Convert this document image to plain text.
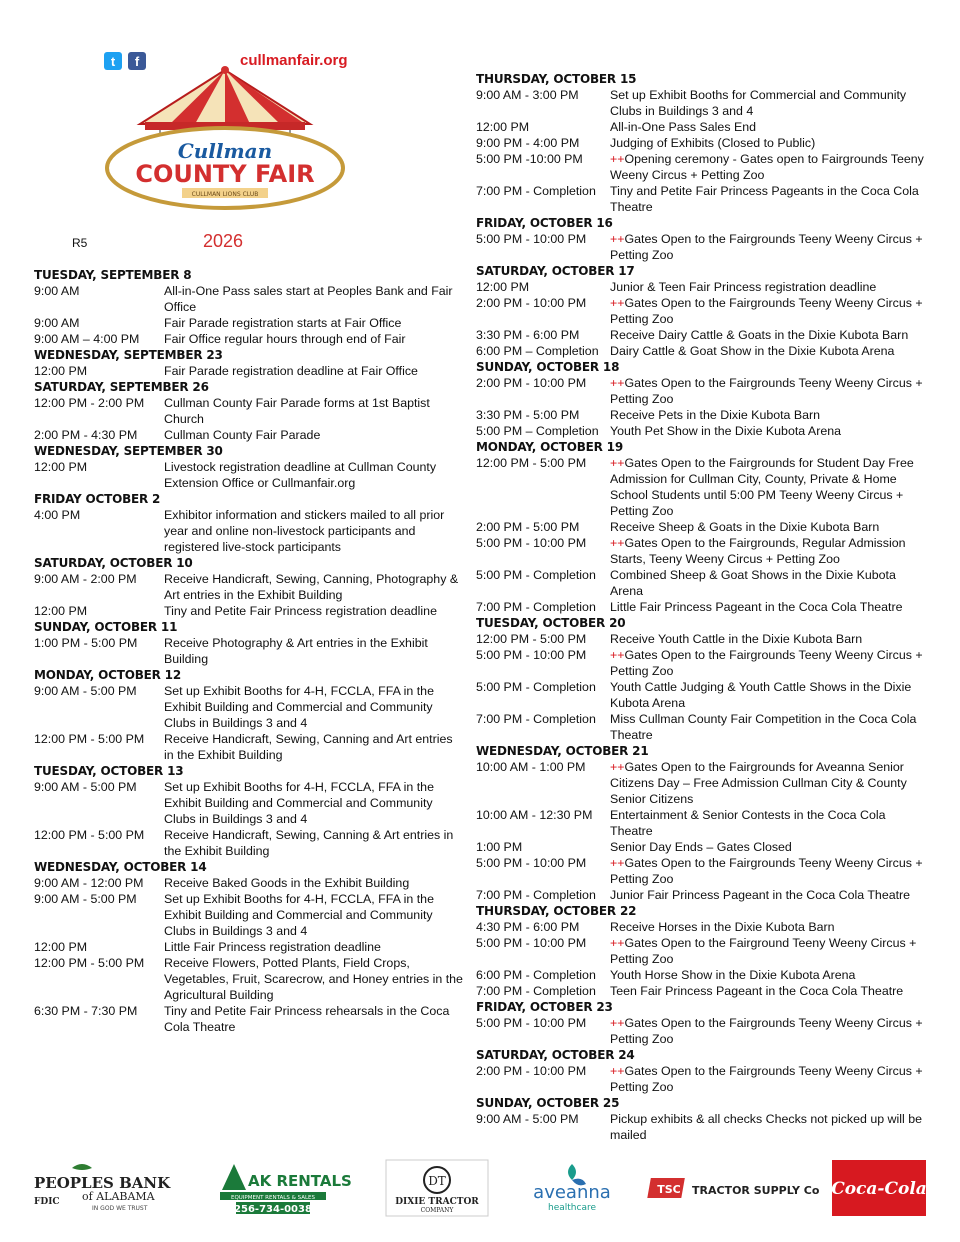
t	f	cullmanfair.org
Cullman
COUNTY FAIR
CULLMAN LIONS CLUB
R5	2026
TUESDAY, SEPTEMBER 8
9:00 AM	All-in-One Pass sales start at Peoples Bank and Fair Office
9:00 AM	Fair Parade registration starts at Fair Office
9:00 AM – 4:00 PM	Fair Office regular hours through end of Fair
WEDNESDAY, SEPTEMBER 23
12:00 PM	Fair Parade registration deadline at Fair Office
SATURDAY, SEPTEMBER 26
12:00 PM - 2:00 PM	Cullman County Fair Parade forms at 1st Baptist Church
2:00 PM - 4:30 PM	Cullman County Fair Parade
WEDNESDAY, SEPTEMBER 30
12:00 PM	Livestock registration deadline at Cullman County Extension Office or Cullmanfair.org
FRIDAY OCTOBER 2
4:00 PM	Exhibitor information and stickers mailed to all prior year and online non-livestock participants and registered live-stock participants
SATURDAY, OCTOBER 10
9:00 AM - 2:00 PM	Receive Handicraft, Sewing, Canning, Photography & Art entries in the Exhibit Building
12:00 PM	Tiny and Petite Fair Princess registration deadline
SUNDAY, OCTOBER 11
1:00 PM - 5:00 PM	Receive Photography & Art entries in the Exhibit Building
MONDAY, OCTOBER 12
9:00 AM - 5:00 PM	Set up Exhibit Booths for 4-H, FCCLA, FFA in the Exhibit Building and Commercial and Community Clubs in Buildings 3 and 4
12:00 PM - 5:00 PM	Receive Handicraft, Sewing, Canning and Art entries in the Exhibit Building
TUESDAY, OCTOBER 13
9:00 AM - 5:00 PM	Set up Exhibit Booths for 4-H, FCCLA, FFA in the Exhibit Building and Commercial and Community Clubs in Buildings 3 and 4
12:00 PM - 5:00 PM	Receive Handicraft, Sewing, Canning & Art entries in the Exhibit Building
WEDNESDAY, OCTOBER 14
9:00 AM - 12:00 PM	Receive Baked Goods in the Exhibit Building
9:00 AM - 5:00 PM	Set up Exhibit Booths for 4-H, FCCLA, FFA in the Exhibit Building and Commercial and Community Clubs in Buildings 3 and 4
12:00 PM	Little Fair Princess registration deadline
12:00 PM - 5:00 PM	Receive Flowers, Potted Plants, Field Crops, Vegetables, Fruit, Scarecrow, and Honey entries in the Agricultural Building
6:30 PM - 7:30 PM	Tiny and Petite Fair Princess rehearsals in the Coca Cola Theatre
THURSDAY, OCTOBER 15
9:00 AM - 3:00 PM	Set up Exhibit Booths for Commercial and Community Clubs in Buildings 3 and 4
12:00 PM	All-in-One Pass Sales End
9:00 PM - 4:00 PM	Judging of Exhibits (Closed to Public)
5:00 PM -10:00 PM	++Opening ceremony - Gates open to Fairgrounds Teeny Weeny Circus + Petting Zoo
7:00 PM - Completion	Tiny and Petite Fair Princess Pageants in the Coca Cola Theatre
FRIDAY, OCTOBER 16
5:00 PM - 10:00 PM	++Gates Open to the Fairgrounds Teeny Weeny Circus + Petting Zoo
SATURDAY, OCTOBER 17
12:00 PM	Junior & Teen Fair Princess registration deadline
2:00 PM - 10:00 PM	++Gates Open to the Fairgrounds Teeny Weeny Circus + Petting Zoo
3:30 PM - 6:00 PM	Receive Dairy Cattle & Goats in the Dixie Kubota Barn
6:00 PM – Completion Dairy Cattle & Goat Show in the Dixie Kubota Arena
SUNDAY, OCTOBER 18
2:00 PM - 10:00 PM	++Gates Open to the Fairgrounds Teeny Weeny Circus + Petting Zoo
3:30 PM - 5:00 PM	Receive Pets in the Dixie Kubota Barn
5:00 PM – Completion Youth Pet Show in the Dixie Kubota Arena
MONDAY, OCTOBER 19
12:00 PM - 5:00 PM	++Gates Open to the Fairgrounds for Student Day Free Admission for Cullman City, County, Private & Home School Students until 5:00 PM Teeny Weeny Circus + Petting Zoo
2:00 PM - 5:00 PM	Receive Sheep & Goats in the Dixie Kubota Barn
5:00 PM - 10:00 PM	++Gates Open to the Fairgrounds, Regular Admission Starts, Teeny Weeny Circus + Petting Zoo
5:00 PM - Completion	Combined Sheep & Goat Shows in the Dixie Kubota Arena
7:00 PM - Completion	Little Fair Princess Pageant in the Coca Cola Theatre
TUESDAY, OCTOBER 20
12:00 PM - 5:00 PM	Receive Youth Cattle in the Dixie Kubota Barn
5:00 PM - 10:00 PM	++Gates Open to the Fairgrounds Teeny Weeny Circus + Petting Zoo
5:00 PM - Completion	Youth Cattle Judging & Youth Cattle Shows in the Dixie Kubota Arena
7:00 PM - Completion	Miss Cullman County Fair Competition in the Coca Cola Theatre
WEDNESDAY, OCTOBER 21
10:00 AM - 1:00 PM	++Gates Open to the Fairgrounds for Aveanna Senior Citizens Day – Free Admission Cullman City & County Senior Citizens
10:00 AM - 12:30 PM	Entertainment & Senior Contests in the Coca Cola Theatre
1:00 PM	Senior Day Ends – Gates Closed
5:00 PM - 10:00 PM	++Gates Open to the Fairgrounds Teeny Weeny Circus + Petting Zoo
7:00 PM - Completion	Junior Fair Princess Pageant in the Coca Cola Theatre
THURSDAY, OCTOBER 22
4:30 PM - 6:00 PM	Receive Horses in the Dixie Kubota Barn
5:00 PM - 10:00 PM	++Gates Open to the Fairground Teeny Weeny Circus + Petting Zoo
6:00 PM - Completion	Youth Horse Show in the Dixie Kubota Arena
7:00 PM - Completion	Teen Fair Princess Pageant in the Coca Cola Theatre
FRIDAY, OCTOBER 23
5:00 PM - 10:00 PM	++Gates Open to the Fairgrounds Teeny Weeny Circus + Petting Zoo
SATURDAY, OCTOBER 24
2:00 PM - 10:00 PM	++Gates Open to the Fairgrounds Teeny Weeny Circus + Petting Zoo
SUNDAY, OCTOBER 25
9:00 AM - 5:00 PM	Pickup exhibits & all checks Checks not picked up will be mailed
PEOPLES BANK
of ALABAMA
FDIC
IN GOD WE TRUST
AK RENTALS
EQUIPMENT RENTALS & SALES
256-734-0038
DT
DIXIE TRACTOR
COMPANY
aveanna
healthcare
TSC TRACTOR SUPPLY Co Coca-Cola
